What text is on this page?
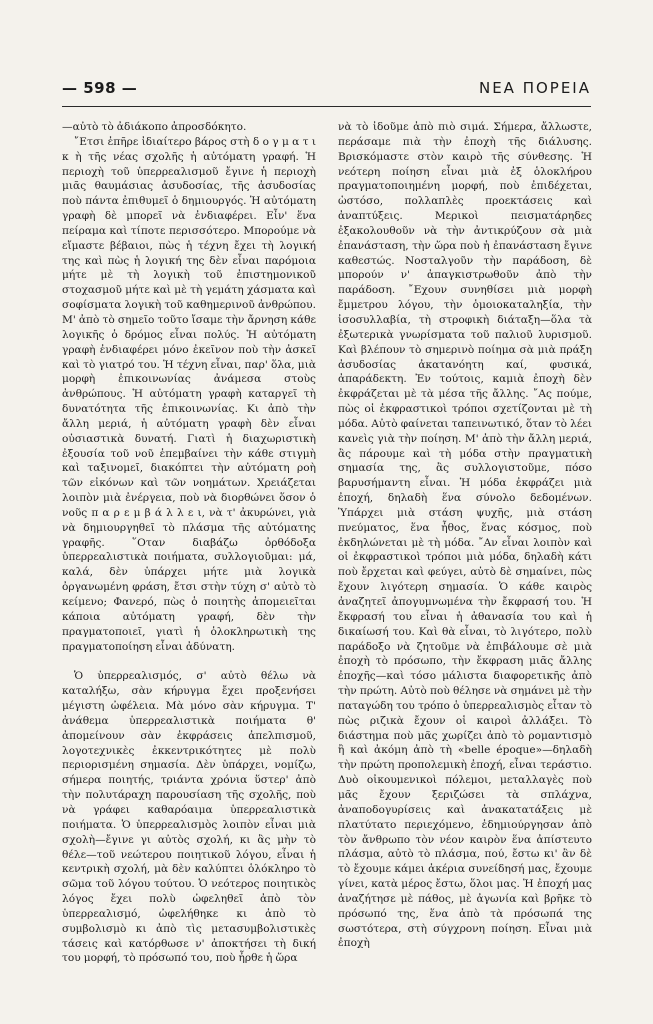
— 598 —	ΝΕΑ ΠΟΡΕΙΑ

—αὐτὸ τὸ ἀδιάκοπο ἀπροσδόκητο.

῎Ετσι ἐπῆρε ἰδιαίτερο βάρος στὴ δ ο γ μ α τ ι κ ὴ τῆς νέας σχολῆς ἡ αὐτόματη γραφή. Ἡ περιοχὴ τοῦ ὑπερρεαλισμοῦ ἔγινε ἡ περιοχὴ μιᾶς θαυμάσιας ἀσυδοσίας, τῆς ἀσυδοσίας ποὺ πάντα ἐπιθυμεῖ ὁ δημιουργός. Ἡ αὐτόματη γραφὴ δὲ μπορεῖ νὰ ἐνδιαφέρει. Εἶν' ἕνα πείραμα καὶ τίποτε περισσότερο. Μπορούμε νὰ εἴμαστε βέβαιοι, πὼς ἡ τέχνη ἔχει τὴ λογική της καὶ πὼς ἡ λογική της δὲν εἶναι παρόμοια μήτε μὲ τὴ λογικὴ τοῦ ἐπιστημονικοῦ στοχασμοῦ μήτε καὶ μὲ τὴ γεμάτη χάσματα καὶ σοφίσματα λογικὴ τοῦ καθημερινοῦ ἀνθρώπου. Μ' ἀπὸ τὸ σημεῖο τοῦτο ἴσαμε τὴν ἄρνηση κάθε λογικῆς ὁ δρόμος εἶναι πολύς. Ἡ αὐτόματη γραφὴ ἐνδιαφέρει μόνο ἐκεῖνον ποὺ τὴν ἀσκεῖ καὶ τὸ γιατρό του. Ἡ τέχνη εἶναι, παρ' ὅλα, μιὰ μορφὴ ἐπικοινωνίας ἀνάμεσα στοὺς ἀνθρώπους. Ἡ αὐτόματη γραφὴ καταργεῖ τὴ δυνατότητα τῆς ἐπικοινωνίας. Κι ἀπὸ τὴν ἄλλη μεριά, ἡ αὐτόματη γραφὴ δὲν εἶναι οὐσιαστικὰ δυνατή. Γιατὶ ἡ διαχωριστικὴ ἐξουσία τοῦ νοῦ ἐπεμβαίνει τὴν κάθε στιγμὴ καὶ ταξινομεῖ, διακόπτει τὴν αὐτόματη ροὴ τῶν εἰκόνων καὶ τῶν νοημάτων. Χρειάζεται λοιπὸν μιὰ ἐνέργεια, ποὺ νὰ διορθώνει ὅσον ὁ νοῦς π α ρ ε μ β ά λ λ ε ι, νὰ τ' ἀκυρώνει, γιὰ νὰ δημιουργηθεῖ τὸ πλάσμα τῆς αὐτόματης γραφῆς. ῞Οταν διαβάζω ὀρθόδοξα ὑπερρεαλιστικὰ ποιήματα, συλλογιοῦμαι: μά, καλά, δὲν ὑπάρχει μήτε μιὰ λογικὰ ὀργανωμένη φράση, ἔτσι στὴν τύχη σ' αὐτὸ τὸ κείμενο; Φανερό, πὼς ὁ ποιητὴς ἀπομειεῖται κάποια αὐτόματη γραφή, δὲν τὴν πραγματοποιεῖ, γιατὶ ἡ ὁλοκληρωτικὴ της πραγματοποίηση εἶναι ἀδύνατη.

Ὁ ὑπερρεαλισμός, σ' αὐτὸ θέλω νὰ καταλήξω, σὰν κήρυγμα ἔχει προξενήσει μέγιστη ὠφέλεια. Μὰ μόνο σὰν κήρυγμα. Τ' ἀνάθεμα ὑπερρεαλιστικὰ ποιήματα θ' ἀπομείνουν σὰν ἐκφράσεις ἀπελπισμοῦ, λογοτεχνικὲς ἐκκεντρικότητες μὲ πολὺ περιορισμένη σημασία. Δὲν ὑπάρχει, νομίζω, σήμερα ποιητής, τριάντα χρόνια ὕστερ' ἀπὸ τὴν πολυτάραχη παρουσίαση τῆς σχολῆς, ποὺ νὰ γράφει καθαρόαιμα ὑπερρεαλιστικὰ ποιήματα. Ὁ ὑπερρεαλισμὸς λοιπὸν εἶναι μιὰ σχολὴ—ἔγινε γι αὐτὸς σχολή, κι ἂς μὴν τὸ θέλε—τοῦ νεώτερου ποιητικοῦ λόγου, εἶναι ἡ κεντρικὴ σχολή, μὰ δὲν καλύπτει ὁλόκληρο τὸ σῶμα τοῦ λόγου τούτου. Ὁ νεότερος ποιητικὸς λόγος ἔχει πολὺ ὠφεληθεῖ ἀπὸ τὸν ὑπερρεαλισμό, ὠφελήθηκε κι ἀπὸ τὸ συμβολισμὸ κι ἀπὸ τὶς μετασυμβολιστικὲς τάσεις καὶ κατόρθωσε ν' ἀποκτήσει τὴ δική του μορφή, τὸ πρόσωπό του, ποὺ ἦρθε ἡ ὥρα

νὰ τὸ ἰδοῦμε ἀπὸ πιὸ σιμά. Σήμερα, ἄλλωστε, περάσαμε πιὰ τὴν ἐποχὴ τῆς διάλυσης. Βρισκόμαστε στὸν καιρὸ τῆς σύνθεσης. Ἡ νεότερη ποίηση εἶναι μιὰ ἐξ ὁλοκλήρου πραγματοποιημένη μορφή, ποὺ ἐπιδέχεται, ὡστόσο, πολλαπλὲς προεκτάσεις καὶ ἀναπτύξεις. Μερικοὶ πεισματάρηδες ἐξακολουθοῦν νὰ τὴν ἀντικρύζουν σὰ μιὰ ἐπανάσταση, τὴν ὥρα ποὺ ἡ ἐπανάσταση ἔγινε καθεστώς. Νοσταλγοῦν τὴν παράδοση, δὲ μπορούν ν' ἀπαγκιστρωθοῦν ἀπὸ τὴν παράδοση. ῎Εχουν συνηθίσει μιὰ μορφὴ ἔμμετρου λόγου, τὴν ὁμοιοκαταληξία, τὴν ἰσοσυλλαβία, τὴ στροφικὴ διάταξη—ὅλα τὰ ἐξωτερικὰ γνωρίσματα τοῦ παλιοῦ λυρισμοῦ. Καὶ βλέπουν τὸ σημερινὸ ποίημα σὰ μιὰ πράξη ἀσυδοσίας ἀκατανόητη καί, φυσικά, ἀπαράδεκτη. Ἐν τούτοις, καμιὰ ἐποχὴ δὲν ἐκφράζεται μὲ τὰ μέσα τῆς ἄλλης. ῎Ας πούμε, πὼς οἱ ἐκφραστικοὶ τρόποι σχετίζονται μὲ τὴ μόδα. Αὐτὸ φαίνεται ταπεινωτικό, ὅταν τὸ λέει κανεὶς γιὰ τὴν ποίηση. Μ' ἀπὸ τὴν ἄλλη μεριά, ἂς πάρουμε καὶ τὴ μόδα στὴν πραγματικὴ σημασία της, ἂς συλλογιστοῦμε, πόσο βαρυσήμαντη εἶναι. Ἡ μόδα ἐκφράζει μιὰ ἐποχή, δηλαδὴ ἕνα σύνολο δεδομένων. Ὑπάρχει μιὰ στάση ψυχῆς, μιὰ στάση πνεύματος, ἕνα ἦθος, ἕνας κόσμος, ποὺ ἐκδηλώνεται μὲ τὴ μόδα. ῎Αν εἶναι λοιπὸν καὶ οἱ ἐκφραστικοὶ τρόποι μιὰ μόδα, δηλαδὴ κάτι ποὺ ἔρχεται καὶ φεύγει, αὐτὸ δὲ σημαίνει, πὼς ἔχουν λιγότερη σημασία. Ὁ κάθε καιρὸς ἀναζητεῖ ἀπογυμνωμένα τὴν ἔκφρασή του. Ἡ ἔκφρασή του εἶναι ἡ ἀθανασία του καὶ ἡ δικαίωσή του. Καὶ θὰ εἶναι, τὸ λιγότερο, πολὺ παράδοξο νὰ ζητοῦμε νὰ ἐπιβάλουμε σὲ μιὰ ἐποχὴ τὸ πρόσωπο, τὴν ἔκφραση μιᾶς ἄλλης ἐποχῆς—καὶ τόσο μάλιστα διαφορετικῆς ἀπὸ τὴν πρώτη. Αὐτὸ ποὺ θέλησε νὰ σημάνει μὲ τὴν παταγώδη του τρόπο ὁ ὑπερρεαλισμὸς εἶταν τὸ πὼς ριζικὰ ἔχουν οἱ καιροὶ ἀλλάξει. Τὸ διάστημα ποὺ μᾶς χωρίζει ἀπὸ τὸ ρομαντισμὸ ἢ καὶ ἀκόμη ἀπὸ τὴ «belle époque»—δηλαδὴ τὴν πρώτη προπολεμικὴ ἐποχή, εἶναι τεράστιο. Δυὸ οἰκουμενικοὶ πόλεμοι, μεταλλαγὲς ποὺ μᾶς ἔχουν ξεριζώσει τὰ σπλάχνα, ἀναποδογυρίσεις καὶ ἀνακατατάξεις μὲ πλατύτατο περιεχόμενο, ἐδημιούργησαν ἀπὸ τὸν ἄνθρωπο τὸν νέον καιρὸν ἕνα ἀπίστευτο πλάσμα, αὐτὸ τὸ πλάσμα, πού, ἔστω κι' ἂν δὲ τὸ ἔχουμε κάμει ἀκέρια συνείδησή μας, ἔχουμε γίνει, κατὰ μέρος ἔστω, ὅλοι μας. Ἡ ἐποχή μας ἀναζήτησε μὲ πάθος, μὲ ἀγωνία καὶ βρῆκε τὸ πρόσωπό της, ἕνα ἀπὸ τὰ πρόσωπά της σωστότερα, στὴ σύγχρονη ποίηση. Εἶναι μιὰ ἐποχὴ
